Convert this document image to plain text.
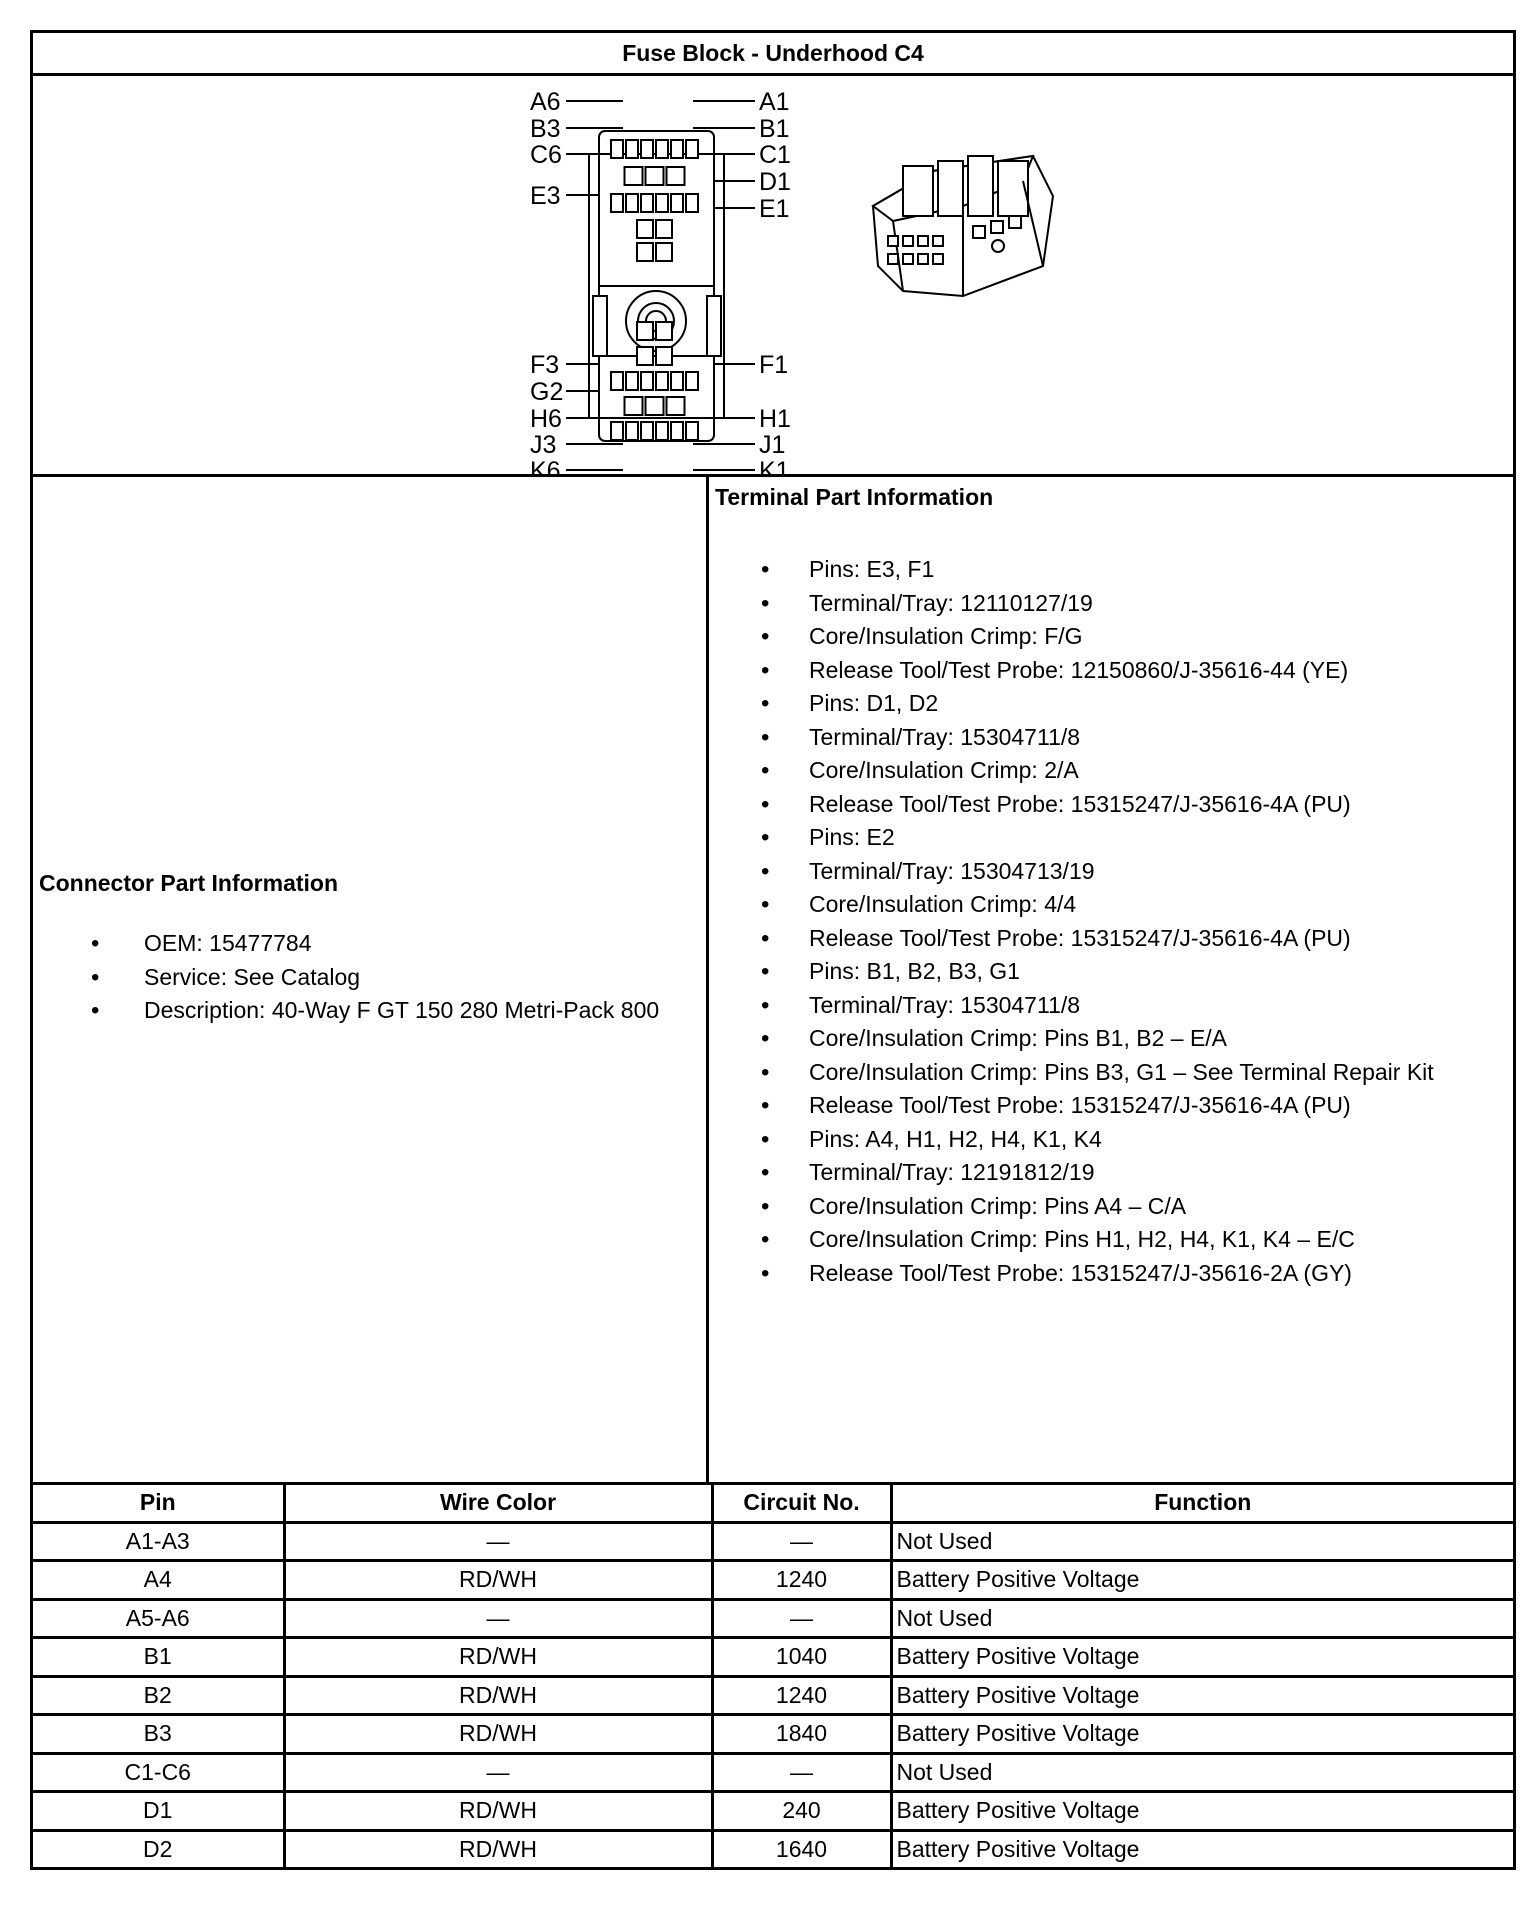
Fuse Block - Underhood C4
A6
B3
C6
E3
F3
G2
H6
J3
K6
A1
B1
C1
D1
E1
F1
H1
J1
K1
Connector Part Information
• OEM: 15477784
• Service: See Catalog
• Description: 40-Way F GT 150 280 Metri-Pack 800
Terminal Part Information
• Pins: E3, F1
• Terminal/Tray: 12110127/19
• Core/Insulation Crimp: F/G
• Release Tool/Test Probe: 12150860/J-35616-44 (YE)
• Pins: D1, D2
• Terminal/Tray: 15304711/8
• Core/Insulation Crimp: 2/A
• Release Tool/Test Probe: 15315247/J-35616-4A (PU)
• Pins: E2
• Terminal/Tray: 15304713/19
• Core/Insulation Crimp: 4/4
• Release Tool/Test Probe: 15315247/J-35616-4A (PU)
• Pins: B1, B2, B3, G1
• Terminal/Tray: 15304711/8
• Core/Insulation Crimp: Pins B1, B2 – E/A
• Core/Insulation Crimp: Pins B3, G1 – See Terminal Repair Kit
• Release Tool/Test Probe: 15315247/J-35616-4A (PU)
• Pins: A4, H1, H2, H4, K1, K4
• Terminal/Tray: 12191812/19
• Core/Insulation Crimp: Pins A4 – C/A
• Core/Insulation Crimp: Pins H1, H2, H4, K1, K4 – E/C
• Release Tool/Test Probe: 15315247/J-35616-2A (GY)
Pin	Wire Color	Circuit No.	Function
A1-A3	—	—	Not Used
A4	RD/WH	1240	Battery Positive Voltage
A5-A6	—	—	Not Used
B1	RD/WH	1040	Battery Positive Voltage
B2	RD/WH	1240	Battery Positive Voltage
B3	RD/WH	1840	Battery Positive Voltage
C1-C6	—	—	Not Used
D1	RD/WH	240	Battery Positive Voltage
D2	RD/WH	1640	Battery Positive Voltage
